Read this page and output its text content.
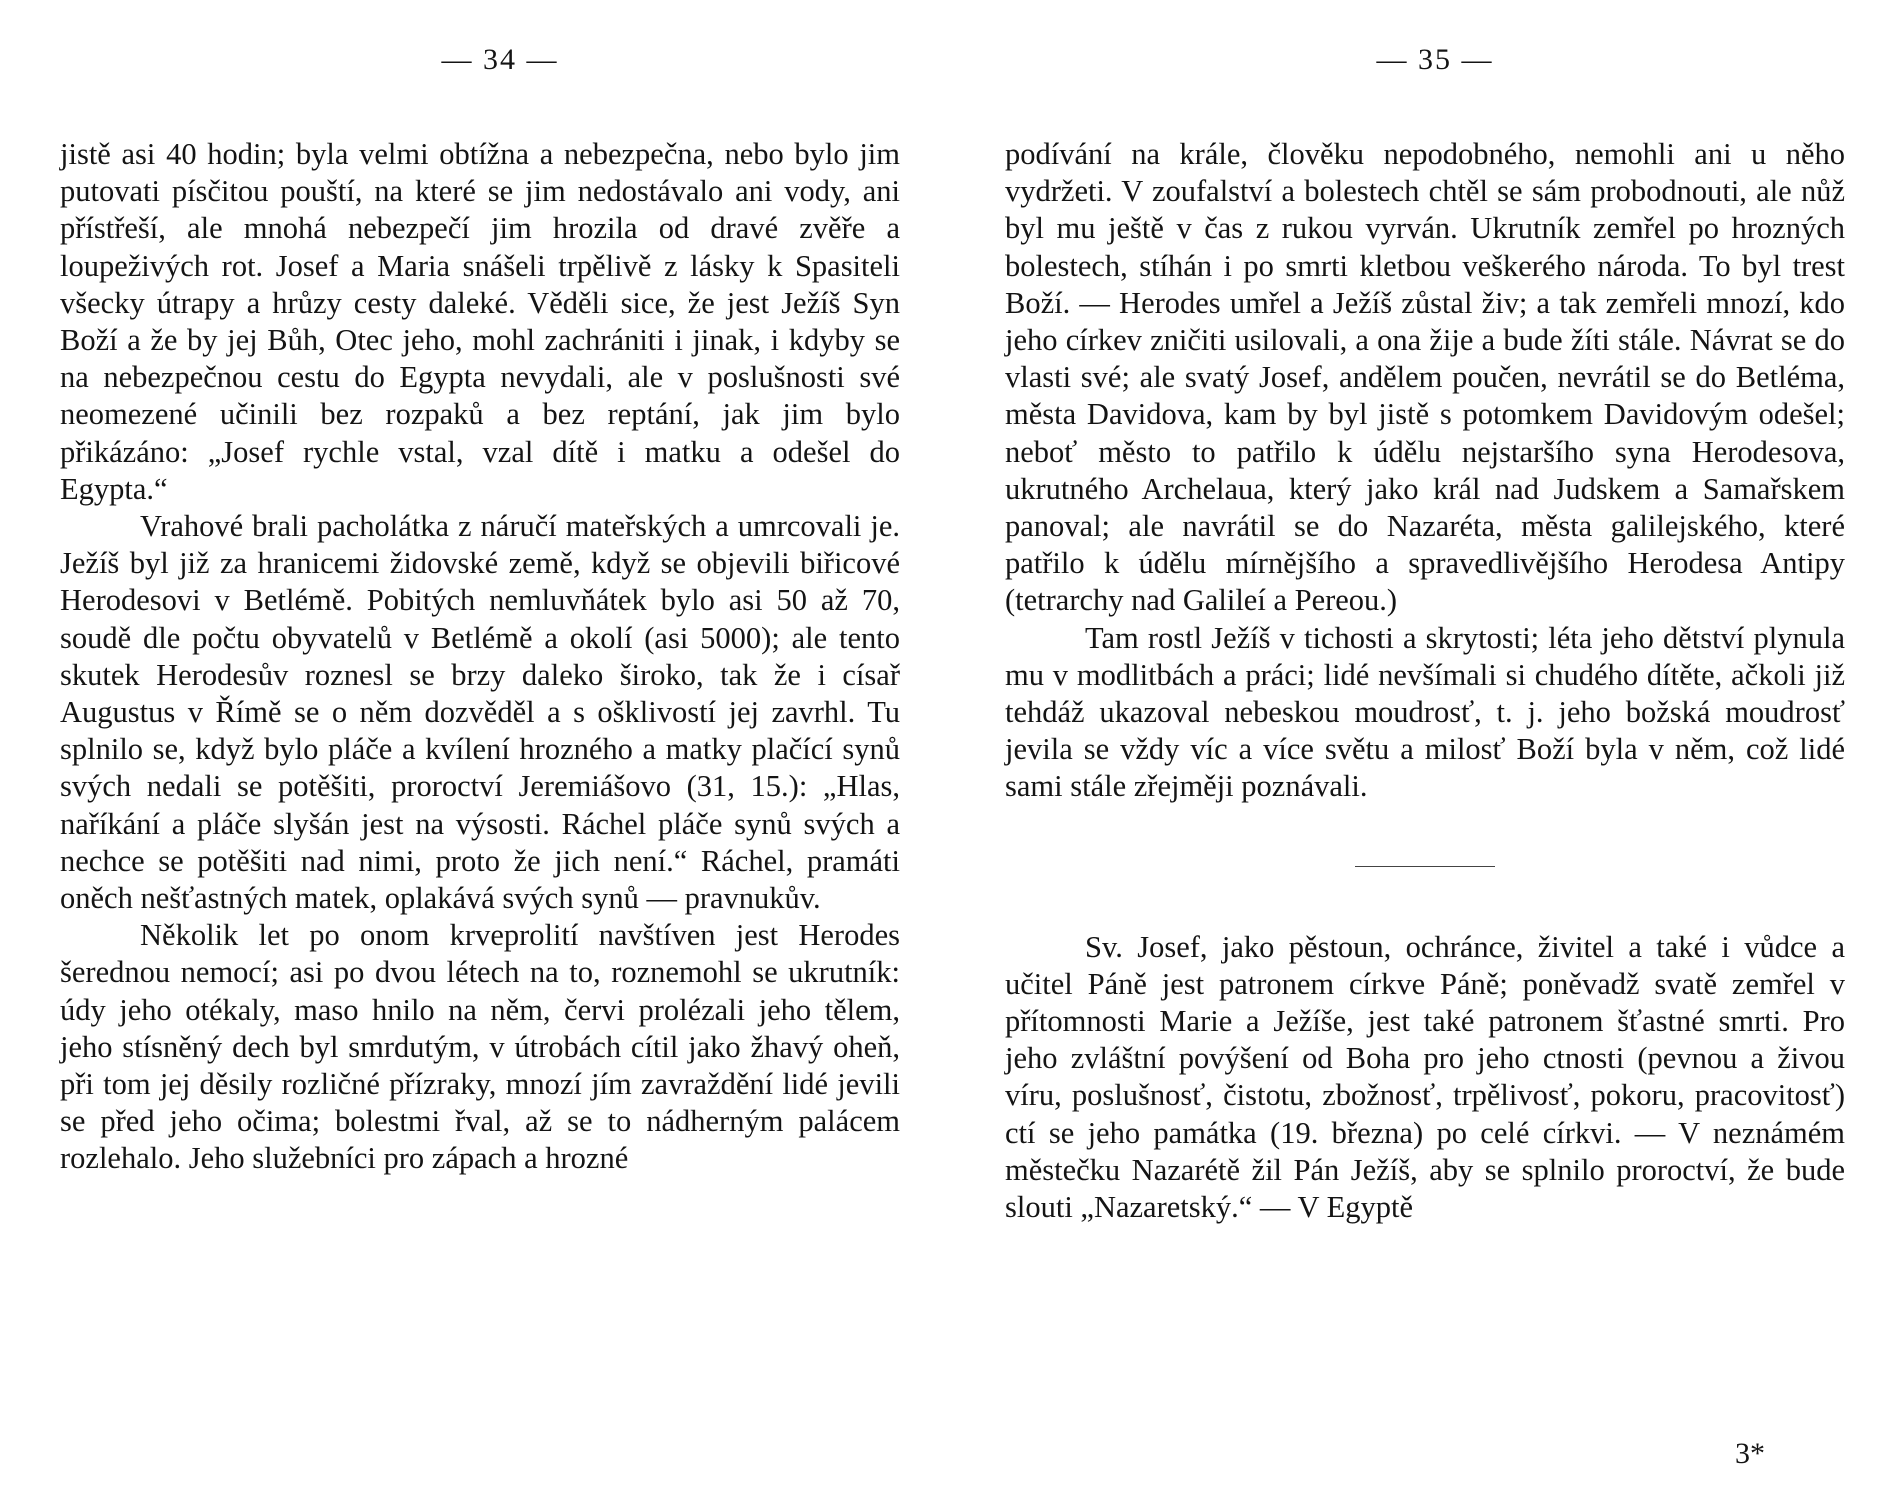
— 34 —

jistě asi 40 hodin; byla velmi obtížna a nebezpečna, nebo bylo jim putovati písčitou pouští, na které se jim nedostávalo ani vody, ani přístřeší, ale mnohá nebezpečí jim hrozila od dravé zvěře a loupeživých rot. Josef a Maria snášeli trpělivě z lásky k Spasiteli všecky útrapy a hrůzy cesty daleké. Věděli sice, že jest Ježíš Syn Boží a že by jej Bůh, Otec jeho, mohl zachrániti i jinak, i kdyby se na nebezpečnou cestu do Egypta nevydali, ale v poslušnosti své neomezené učinili bez rozpaků a bez reptání, jak jim bylo přikázáno: „Josef rychle vstal, vzal dítě i matku a odešel do Egypta.“

Vrahové brali pacholátka z náručí mateřských a umrcovali je. Ježíš byl již za hranicemi židovské země, když se objevili biřicové Herodesovi v Betlémě. Pobitých nemluvňátek bylo asi 50 až 70, soudě dle počtu obyvatelů v Betlémě a okolí (asi 5000); ale tento skutek Herodesův roznesl se brzy daleko široko, tak že i císař Augustus v Římě se o něm dozvěděl a s ošklivostí jej zavrhl. Tu splnilo se, když bylo pláče a kvílení hrozného a matky plačící synů svých nedali se potěšiti, proroctví Jeremiášovo (31, 15.): „Hlas, naříkání a pláče slyšán jest na výsosti. Ráchel pláče synů svých a nechce se potěšiti nad nimi, proto že jich není.“ Ráchel, pramáti oněch nešťastných matek, oplakává svých synů — pravnukův.

Několik let po onom krveprolití navštíven jest Herodes šerednou nemocí; asi po dvou létech na to, roznemohl se ukrutník: údy jeho otékaly, maso hnilo na něm, červi prolézali jeho tělem, jeho stísněný dech byl smrdutým, v útrobách cítil jako žhavý oheň, při tom jej děsily rozličné přízraky, mnozí jím zavraždění lidé jevili se před jeho očima; bolestmi řval, až se to nádherným palácem rozlehalo. Jeho služebníci pro zápach a hrozné

— 35 —

podívání na krále, člověku nepodobného, nemohli ani u něho vydržeti. V zoufalství a bolestech chtěl se sám probodnouti, ale nůž byl mu ještě v čas z rukou vyrván. Ukrutník zemřel po hrozných bolestech, stíhán i po smrti kletbou veškerého národa. To byl trest Boží. — Herodes umřel a Ježíš zůstal živ; a tak zemřeli mnozí, kdo jeho církev zničiti usilovali, a ona žije a bude žíti stále. Návrat se do vlasti své; ale svatý Josef, andělem poučen, nevrátil se do Betléma, města Davidova, kam by byl jistě s potomkem Davidovým odešel; neboť město to patřilo k údělu nejstaršího syna Herodesova, ukrutného Archelaua, který jako král nad Judskem a Samařskem panoval; ale navrátil se do Nazaréta, města galilejského, které patřilo k údělu mírnějšího a spravedlivějšího Herodesa Antipy (tetrarchy nad Galileí a Pereou.)

Tam rostl Ježíš v tichosti a skrytosti; léta jeho dětství plynula mu v modlitbách a práci; lidé nevšímali si chudého dítěte, ačkoli již tehdáž ukazoval nebeskou moudrosť, t. j. jeho božská moudrosť jevila se vždy víc a více světu a milosť Boží byla v něm, což lidé sami stále zřejměji poznávali.

Sv. Josef, jako pěstoun, ochránce, živitel a také i vůdce a učitel Páně jest patronem církve Páně; poněvadž svatě zemřel v přítomnosti Marie a Ježíše, jest také patronem šťastné smrti. Pro jeho zvláštní povýšení od Boha pro jeho ctnosti (pevnou a živou víru, poslušnosť, čistotu, zbožnosť, trpělivosť, pokoru, pracovitosť) ctí se jeho památka (19. března) po celé církvi. — V neznámém městečku Nazarétě žil Pán Ježíš, aby se splnilo proroctví, že bude slouti „Nazaretský.“ — V Egyptě

3*
